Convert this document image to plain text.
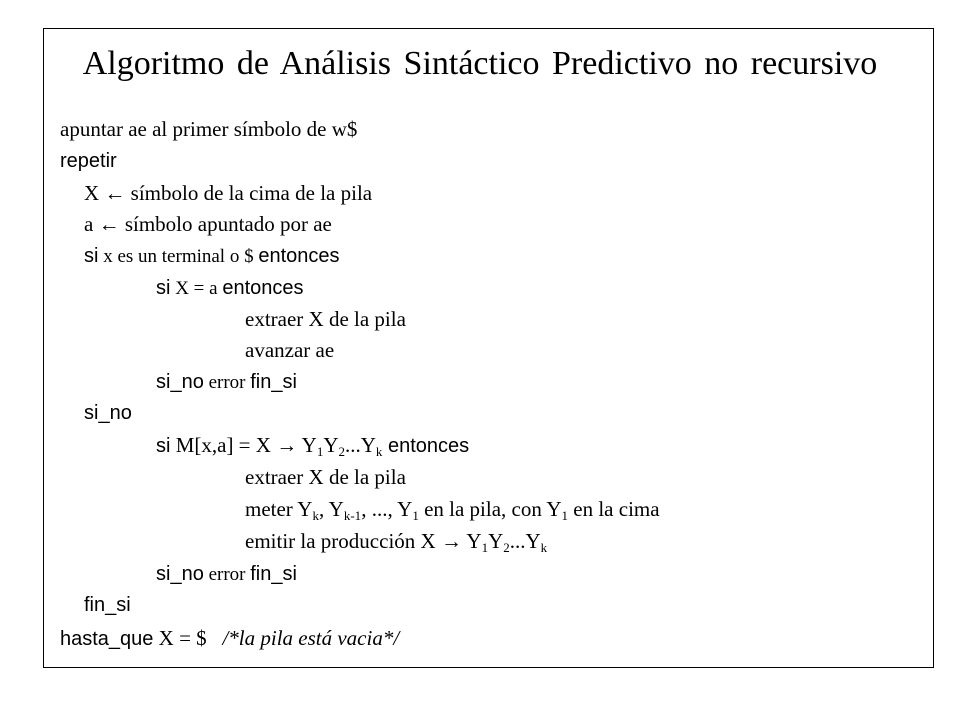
Algoritmo de Análisis Sintáctico Predictivo no recursivo
apuntar ae al primer símbolo de w$
repetir
X ← símbolo de la cima de la pila
a ← símbolo apuntado por ae
si x es un terminal o $ entonces
si X = a entonces
extraer X de la pila
avanzar ae
si_no error fin_si
si_no
si $M[x,a] = X \to Y_1Y_2...Y_k$ entonces
extraer X de la pila
meter $Y_k$, $Y_{k-1}$, ..., $Y_1$ en la pila, con $Y_1$ en la cima
emitir la producción $X \to Y_1Y_2...Y_k$
si_no error fin_si
fin_si
hasta_que X = $   /*la pila está vacia*/
